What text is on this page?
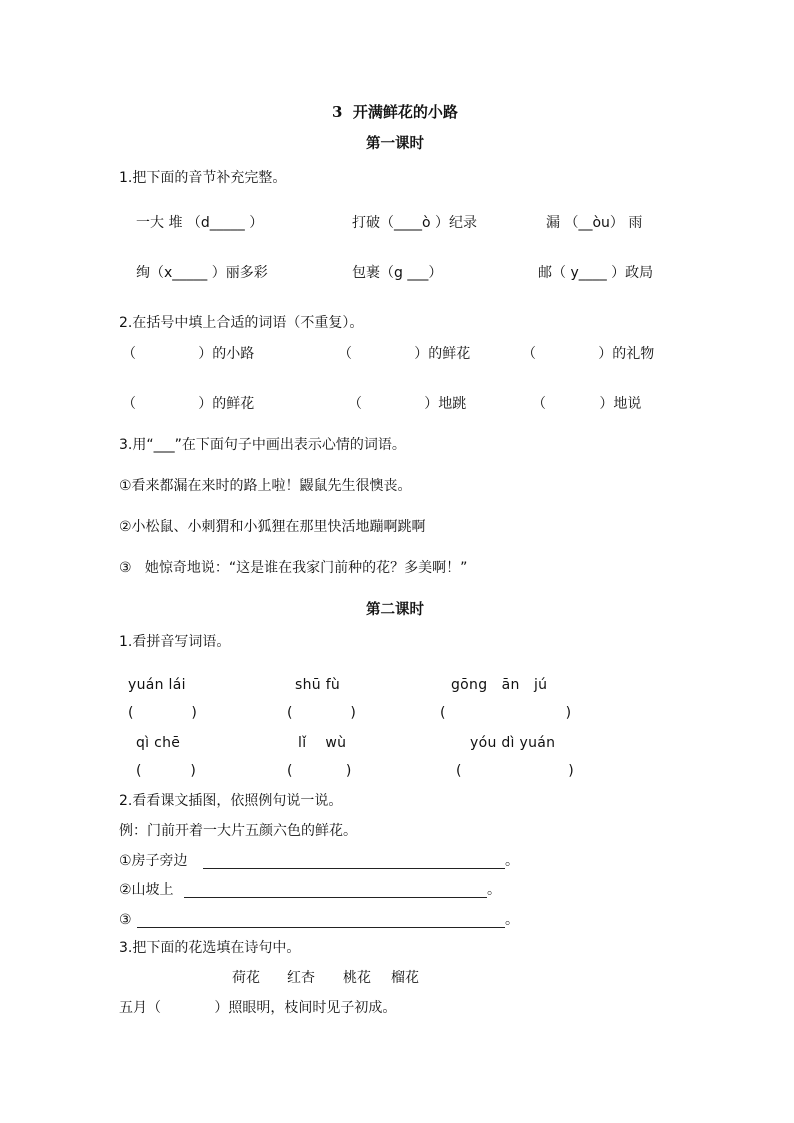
3  开满鲜花的小路
第一课时
1.把下面的音节补充完整。
一大 堆 （d_____ ）	打破（____ò ）纪录	漏 （__òu） 雨
绚（x_____ ）丽多彩	包裹（g ___）	邮（ y____ ）政局
2.在括号中填上合适的词语（不重复）。
（              ）的小路	（              ）的鲜花	（              ）的礼物
（              ）的鲜花	（              ）地跳	（            ）地说
3.用“___”在下面句子中画出表示心情的词语。
①看来都漏在来时的路上啦！鼹鼠先生很懊丧。
②小松鼠、小刺猬和小狐狸在那里快活地蹦啊跳啊
③   她惊奇地说：“这是谁在我家门前种的花？多美啊！”
第二课时
1.看拼音写词语。
yuán lái	shū fù	gōng   ān   jú
(             )	(             )	(                           )
qì chē	lǐ    wù	yóu dì yuán
(           )	(            )	(                        )
2.看看课文插图，依照例句说一说。
例：门前开着一大片五颜六色的鲜花。
①房子旁边	。
②山坡上	。
③	。
3.把下面的花选填在诗句中。
荷花 红杏 桃花 榴花
五月（            ）照眼明，枝间时见子初成。
